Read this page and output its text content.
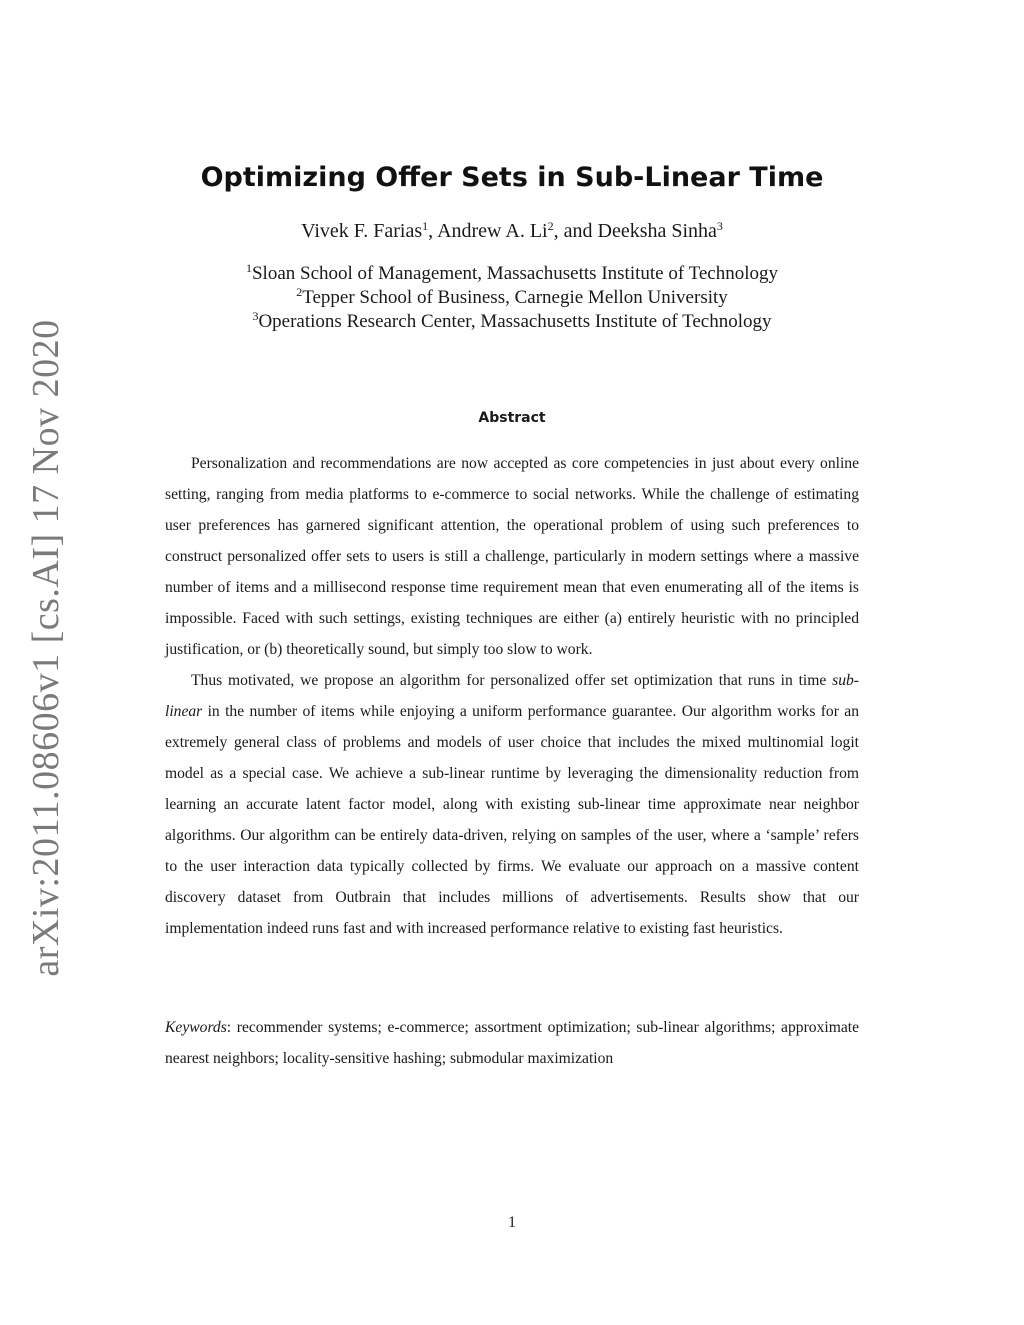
arXiv:2011.08606v1 [cs.AI] 17 Nov 2020
Optimizing Offer Sets in Sub-Linear Time
Vivek F. Farias$^1$, Andrew A. Li$^2$, and Deeksha Sinha$^3$
$^1$Sloan School of Management, Massachusetts Institute of Technology
$^2$Tepper School of Business, Carnegie Mellon University
$^3$Operations Research Center, Massachusetts Institute of Technology
Abstract

Personalization and recommendations are now accepted as core competencies in just about every online setting, ranging from media platforms to e-commerce to social networks. While the challenge of estimating user preferences has garnered significant attention, the operational problem of using such preferences to construct personalized offer sets to users is still a challenge, particularly in modern settings where a massive number of items and a millisecond response time requirement mean that even enumerating all of the items is impossible. Faced with such settings, existing techniques are either (a) entirely heuristic with no principled justification, or (b) theoretically sound, but simply too slow to work.

Thus motivated, we propose an algorithm for personalized offer set optimization that runs in time sub-linear in the number of items while enjoying a uniform performance guarantee. Our algorithm works for an extremely general class of problems and models of user choice that includes the mixed multinomial logit model as a special case. We achieve a sub-linear runtime by leveraging the dimensionality reduction from learning an accurate latent factor model, along with existing sub-linear time approximate near neighbor algorithms. Our algorithm can be entirely data-driven, relying on samples of the user, where a ‘sample’ refers to the user interaction data typically collected by firms. We evaluate our approach on a massive content discovery dataset from Outbrain that includes millions of advertisements. Results show that our implementation indeed runs fast and with increased performance relative to existing fast heuristics.

Keywords: recommender systems; e-commerce; assortment optimization; sub-linear algorithms; approximate nearest neighbors; locality-sensitive hashing; submodular maximization
1
